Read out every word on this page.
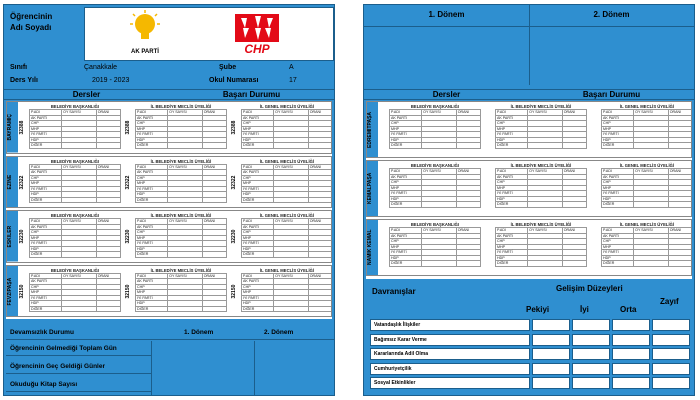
Öğrencinin
Adı Soyadı
AK PARTİ	CHP
Sınıfı	Çanakkale	Şube	A
Ders Yılı	2019 - 2023	Okul Numarası	17
Dersler	Başarı Durumu
BAYRAMİÇ	32388
BELEDİYE BAŞKANLIĞI
P.ADI	OY SAYISI	ORANI
AK PARTİ		
CHP		
MHP		
İYİ PARTİ		
HDP		
DİĞER		
32388
İL BELEDİYE MECLİS ÜYELİĞİ
P.ADI	OY SAYISI	ORANI
AK PARTİ		
CHP		
MHP		
İYİ PARTİ		
HDP		
DİĞER		
32388
İL GENEL MECLİS ÜYELİĞİ
P.ADI	OY SAYISI	ORANI
AK PARTİ		
CHP		
MHP		
İYİ PARTİ		
HDP		
DİĞER		
EZİNE	32322
BELEDİYE BAŞKANLIĞI
P.ADI	OY SAYISI	ORANI
AK PARTİ		
CHP		
MHP		
İYİ PARTİ		
HDP		
DİĞER		
32322
İL BELEDİYE MECLİS ÜYELİĞİ
P.ADI	OY SAYISI	ORANI
AK PARTİ		
CHP		
MHP		
İYİ PARTİ		
HDP		
DİĞER		
32322
İL GENEL MECLİS ÜYELİĞİ
P.ADI	OY SAYISI	ORANI
AK PARTİ		
CHP		
MHP		
İYİ PARTİ		
HDP		
DİĞER		
ESKİLER	32230
BELEDİYE BAŞKANLIĞI
P.ADI	OY SAYISI	ORANI
AK PARTİ		
CHP		
MHP		
İYİ PARTİ		
HDP		
DİĞER		
32230
İL BELEDİYE MECLİS ÜYELİĞİ
P.ADI	OY SAYISI	ORANI
AK PARTİ		
CHP		
MHP		
İYİ PARTİ		
HDP		
DİĞER		
32230
İL GENEL MECLİS ÜYELİĞİ
P.ADI	OY SAYISI	ORANI
AK PARTİ		
CHP		
MHP		
İYİ PARTİ		
HDP		
DİĞER		
FEVZİPAŞA	32150
BELEDİYE BAŞKANLIĞI
P.ADI	OY SAYISI	ORANI
AK PARTİ		
CHP		
MHP		
İYİ PARTİ		
HDP		
DİĞER		
32150
İL BELEDİYE MECLİS ÜYELİĞİ
P.ADI	OY SAYISI	ORANI
AK PARTİ		
CHP		
MHP		
İYİ PARTİ		
HDP		
DİĞER		
32150
İL GENEL MECLİS ÜYELİĞİ
P.ADI	OY SAYISI	ORANI
AK PARTİ		
CHP		
MHP		
İYİ PARTİ		
HDP		
DİĞER		
Devamsızlık Durumu	1. Dönem	2. Dönem
Öğrencinin Gelmediği Toplam Gün
Öğrencinin Geç Geldiği Günler
Okuduğu Kitap Sayısı
1. Dönem	2. Dönem
Dersler	Başarı Durumu
EDREMİTPAŞA
BELEDİYE BAŞKANLIĞI
P.ADI	OY SAYISI	ORANI
AK PARTİ		
CHP		
MHP		
İYİ PARTİ		
HDP		
DİĞER		
İL BELEDİYE MECLİS ÜYELİĞİ
P.ADI	OY SAYISI	ORANI
AK PARTİ		
CHP		
MHP		
İYİ PARTİ		
HDP		
DİĞER		
İL GENEL MECLİS ÜYELİĞİ
P.ADI	OY SAYISI	ORANI
AK PARTİ		
CHP		
MHP		
İYİ PARTİ		
HDP		
DİĞER		
KEMALPAŞA
BELEDİYE BAŞKANLIĞI
P.ADI	OY SAYISI	ORANI
AK PARTİ		
CHP		
MHP		
İYİ PARTİ		
HDP		
DİĞER		
İL BELEDİYE MECLİS ÜYELİĞİ
P.ADI	OY SAYISI	ORANI
AK PARTİ		
CHP		
MHP		
İYİ PARTİ		
HDP		
DİĞER		
İL GENEL MECLİS ÜYELİĞİ
P.ADI	OY SAYISI	ORANI
AK PARTİ		
CHP		
MHP		
İYİ PARTİ		
HDP		
DİĞER		
NAMIK KEMAL
BELEDİYE BAŞKANLIĞI
P.ADI	OY SAYISI	ORANI
AK PARTİ		
CHP		
MHP		
İYİ PARTİ		
HDP		
DİĞER		
İL BELEDİYE MECLİS ÜYELİĞİ
P.ADI	OY SAYISI	ORANI
AK PARTİ		
CHP		
MHP		
İYİ PARTİ		
HDP		
DİĞER		
İL GENEL MECLİS ÜYELİĞİ
P.ADI	OY SAYISI	ORANI
AK PARTİ		
CHP		
MHP		
İYİ PARTİ		
HDP		
DİĞER		
Davranışlar	Gelişim Düzeyleri
Pekiyi	İyi	Orta
Zayıf
Vatandaşlık İlişkiler
Bağımsız Karar Verme
Kararlarında Adil Olma
Cumhuriyetçilik
Sosyal Etkinlikler
